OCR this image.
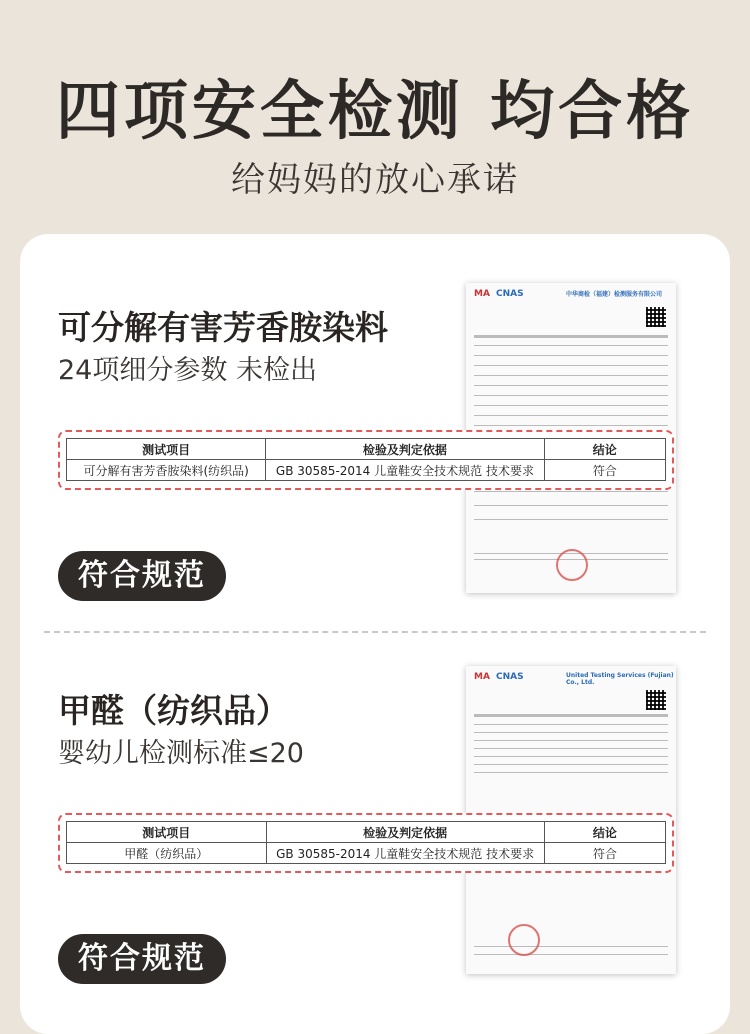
四项安全检测 均合格
给妈妈的放心承诺
MA CNAS	中华商检（福建）检测服务有限公司
可分解有害芳香胺染料
24项细分参数 未检出
测试项目	检验及判定依据	结论
可分解有害芳香胺染料(纺织品)	GB 30585-2014 儿童鞋安全技术规范 技术要求	符合
符合规范
MA CNAS	United Testing Services (Fujian) Co., Ltd.
甲醛（纺织品）
婴幼儿检测标准≤20
测试项目	检验及判定依据	结论
甲醛（纺织品）	GB 30585-2014 儿童鞋安全技术规范 技术要求	符合
符合规范
